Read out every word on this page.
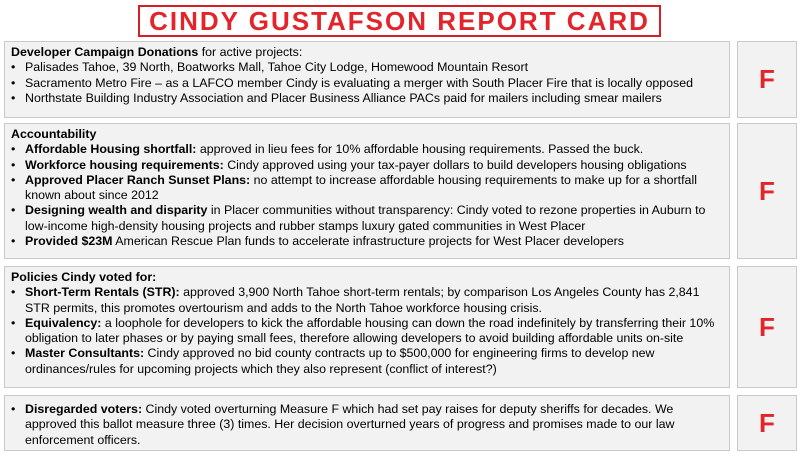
CINDY GUSTAFSON REPORT CARD
Developer Campaign Donations for active projects:
• Palisades Tahoe, 39 North, Boatworks Mall, Tahoe City Lodge, Homewood Mountain Resort
• Sacramento Metro Fire – as a LAFCO member Cindy is evaluating a merger with South Placer Fire that is locally opposed
• Northstate Building Industry Association and Placer Business Alliance PACs paid for mailers including smear mailers
F
Accountability
• Affordable Housing shortfall: approved in lieu fees for 10% affordable housing requirements. Passed the buck.
• Workforce housing requirements: Cindy approved using your tax-payer dollars to build developers housing obligations
• Approved Placer Ranch Sunset Plans: no attempt to increase affordable housing requirements to make up for a shortfall known about since 2012
• Designing wealth and disparity in Placer communities without transparency: Cindy voted to rezone properties in Auburn to low-income high-density housing projects and rubber stamps luxury gated communities in West Placer
• Provided $23M American Rescue Plan funds to accelerate infrastructure projects for West Placer developers
F
Policies Cindy voted for:
• Short-Term Rentals (STR): approved 3,900 North Tahoe short-term rentals; by comparison Los Angeles County has 2,841 STR permits, this promotes overtourism and adds to the North Tahoe workforce housing crisis.
• Equivalency: a loophole for developers to kick the affordable housing can down the road indefinitely by transferring their 10% obligation to later phases or by paying small fees, therefore allowing developers to avoid building affordable units on-site
• Master Consultants: Cindy approved no bid county contracts up to $500,000 for engineering firms to develop new ordinances/rules for upcoming projects which they also represent (conflict of interest?)
F
• Disregarded voters: Cindy voted overturning Measure F which had set pay raises for deputy sheriffs for decades. We approved this ballot measure three (3) times. Her decision overturned years of progress and promises made to our law enforcement officers.
F
